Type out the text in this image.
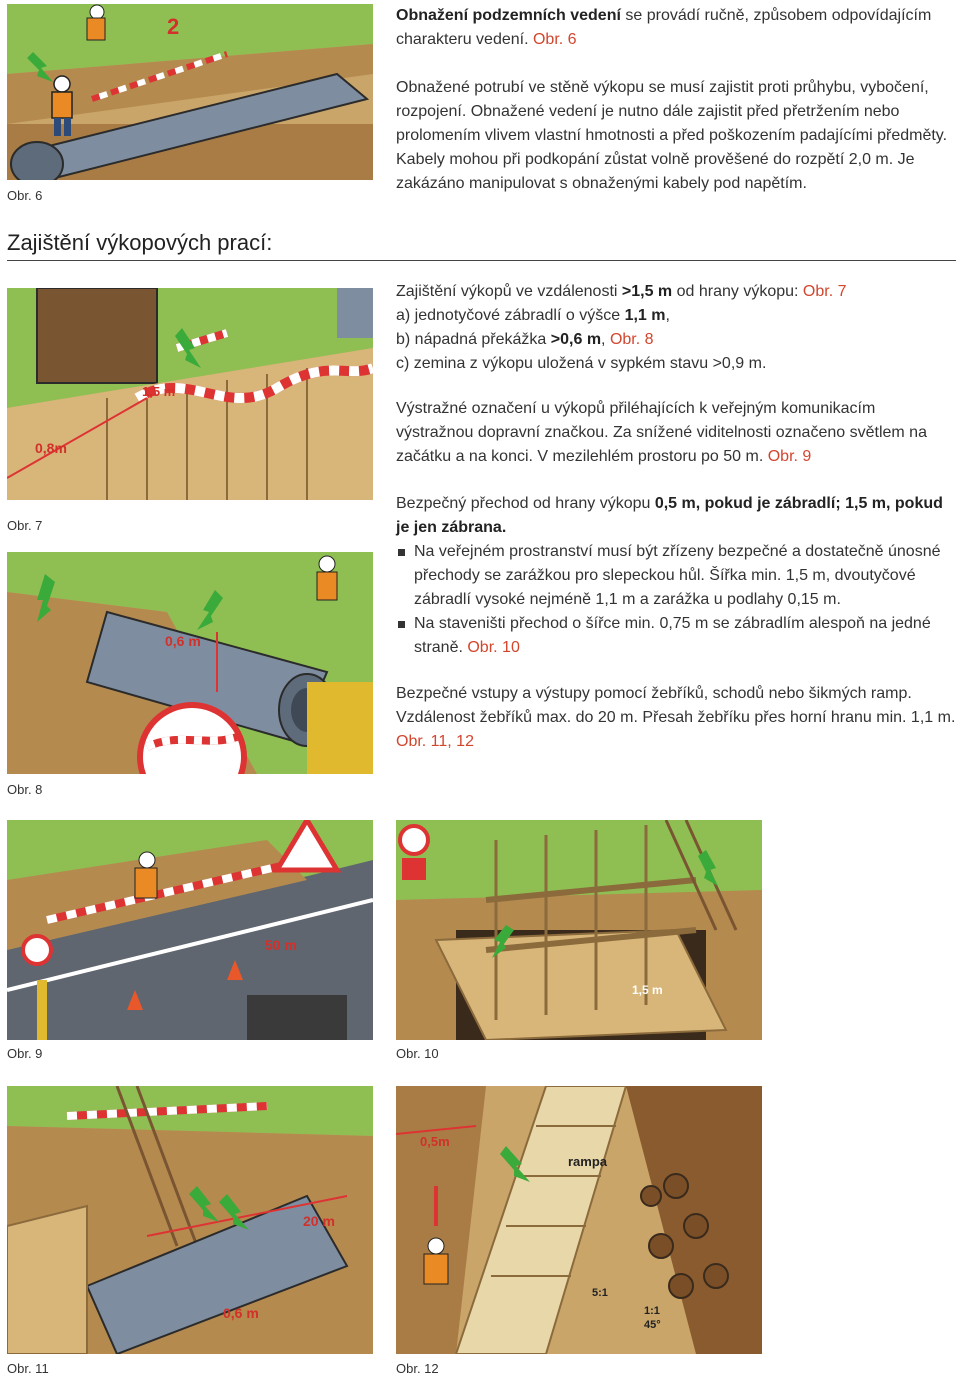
2
Obr. 6

Obnažení podzemních vedení se provádí ručně, způsobem odpovídajícím charakteru vedení. Obr. 6

Obnažené potrubí ve stěně výkopu se musí zajistit proti průhybu, vybočení, rozpojení. Obnažené vedení je nutno dále zajistit před přetržením nebo prolomením vlivem vlastní hmotnosti a před poškozením padajícími předměty. Kabely mohou při podkopání zůstat volně prověšené do rozpětí 2,0 m. Je zakázáno manipulovat s obnaženými kabely pod napětím.

Zajištění výkopových prací:
1,5 m
0,8m
Obr. 7
0,6 m
Obr. 8

Zajištění výkopů ve vzdálenosti >1,5 m od hrany výkopu: Obr. 7

a) jednotyčové zábradlí o výšce 1,1 m,

b) nápadná překážka >0,6 m, Obr. 8

c) zemina z výkopu uložená v sypkém stavu >0,9 m.

Výstražné označení u výkopů přiléhajících k veřejným komunikacím výstražnou dopravní značkou. Za snížené viditelnosti označeno světlem na začátku a na konci. V mezilehlém prostoru po 50 m. Obr. 9

Bezpečný přechod od hrany výkopu 0,5 m, pokud je zábradlí; 1,5 m, pokud je jen zábrana.

Na veřejném prostranství musí být zřízeny bezpečné a dostatečně únosné přechody se zarážkou pro slepeckou hůl. Šířka min. 1,5 m, dvoutyčové zábradlí vysoké nejméně 1,1 m a zarážka u podlahy 0,15 m.
Na staveništi přechod o šířce min. 0,75 m se zábradlím alespoň na jedné straně. Obr. 10

Bezpečné vstupy a výstupy pomocí žebříků, schodů nebo šikmých ramp. Vzdálenost žebříků max. do 20 m. Přesah žebříku přes horní hranu min. 1,1 m. Obr. 11, 12

50 m
Obr. 9
1,5 m
Obr. 10
20 m
0,6 m
Obr. 11
0,5m
rampa
5:1
1:1
45°
Obr. 12
